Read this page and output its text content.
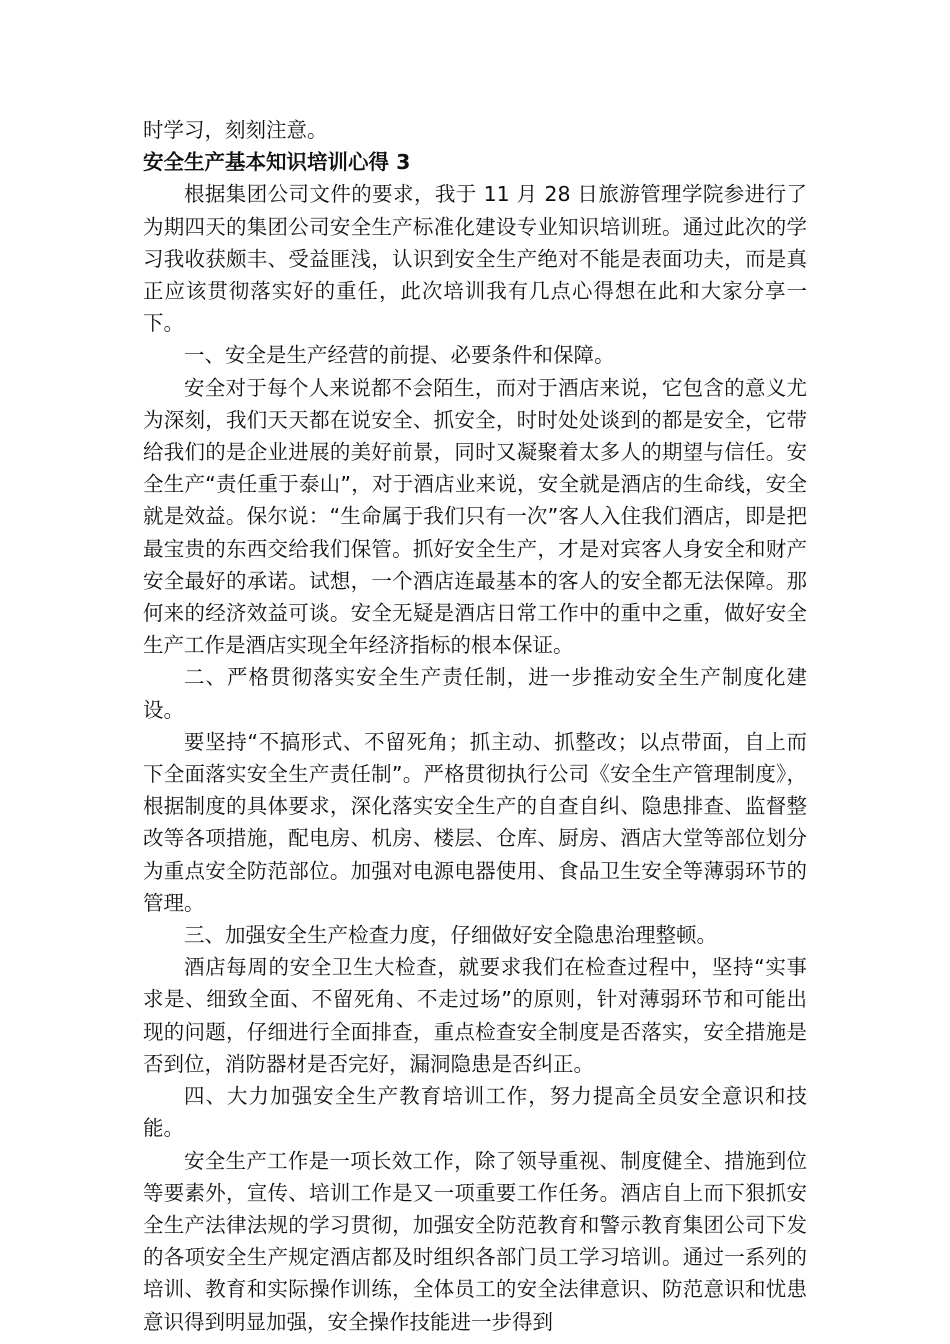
时学习，刻刻注意。

安全生产基本知识培训心得 3

根据集团公司文件的要求，我于 11 月 28 日旅游管理学院参进行了为期四天的集团公司安全生产标准化建设专业知识培训班。通过此次的学习我收获颇丰、受益匪浅，认识到安全生产绝对不能是表面功夫，而是真正应该贯彻落实好的重任，此次培训我有几点心得想在此和大家分享一下。

一、安全是生产经营的前提、必要条件和保障。

安全对于每个人来说都不会陌生，而对于酒店来说，它包含的意义尤为深刻，我们天天都在说安全、抓安全，时时处处谈到的都是安全，它带给我们的是企业进展的美好前景，同时又凝聚着太多人的期望与信任。安全生产“责任重于泰山”，对于酒店业来说，安全就是酒店的生命线，安全就是效益。保尔说：“生命属于我们只有一次”客人入住我们酒店，即是把最宝贵的东西交给我们保管。抓好安全生产，才是对宾客人身安全和财产安全最好的承诺。试想，一个酒店连最基本的客人的安全都无法保障。那何来的经济效益可谈。安全无疑是酒店日常工作中的重中之重，做好安全生产工作是酒店实现全年经济指标的根本保证。

二、严格贯彻落实安全生产责任制，进一步推动安全生产制度化建设。

要坚持“不搞形式、不留死角；抓主动、抓整改；以点带面，自上而下全面落实安全生产责任制”。严格贯彻执行公司《安全生产管理制度》，根据制度的具体要求，深化落实安全生产的自查自纠、隐患排查、监督整改等各项措施，配电房、机房、楼层、仓库、厨房、酒店大堂等部位划分为重点安全防范部位。加强对电源电器使用、食品卫生安全等薄弱环节的管理。

三、加强安全生产检查力度，仔细做好安全隐患治理整顿。

酒店每周的安全卫生大检查，就要求我们在检查过程中，坚持“实事求是、细致全面、不留死角、不走过场”的原则，针对薄弱环节和可能出现的问题，仔细进行全面排查，重点检查安全制度是否落实，安全措施是否到位，消防器材是否完好，漏洞隐患是否纠正。

四、大力加强安全生产教育培训工作，努力提高全员安全意识和技能。

安全生产工作是一项长效工作，除了领导重视、制度健全、措施到位等要素外，宣传、培训工作是又一项重要工作任务。酒店自上而下狠抓安全生产法律法规的学习贯彻，加强安全防范教育和警示教育集团公司下发的各项安全生产规定酒店都及时组织各部门员工学习培训。通过一系列的培训、教育和实际操作训练，全体员工的安全法律意识、防范意识和忧患意识得到明显加强，安全操作技能进一步得到
